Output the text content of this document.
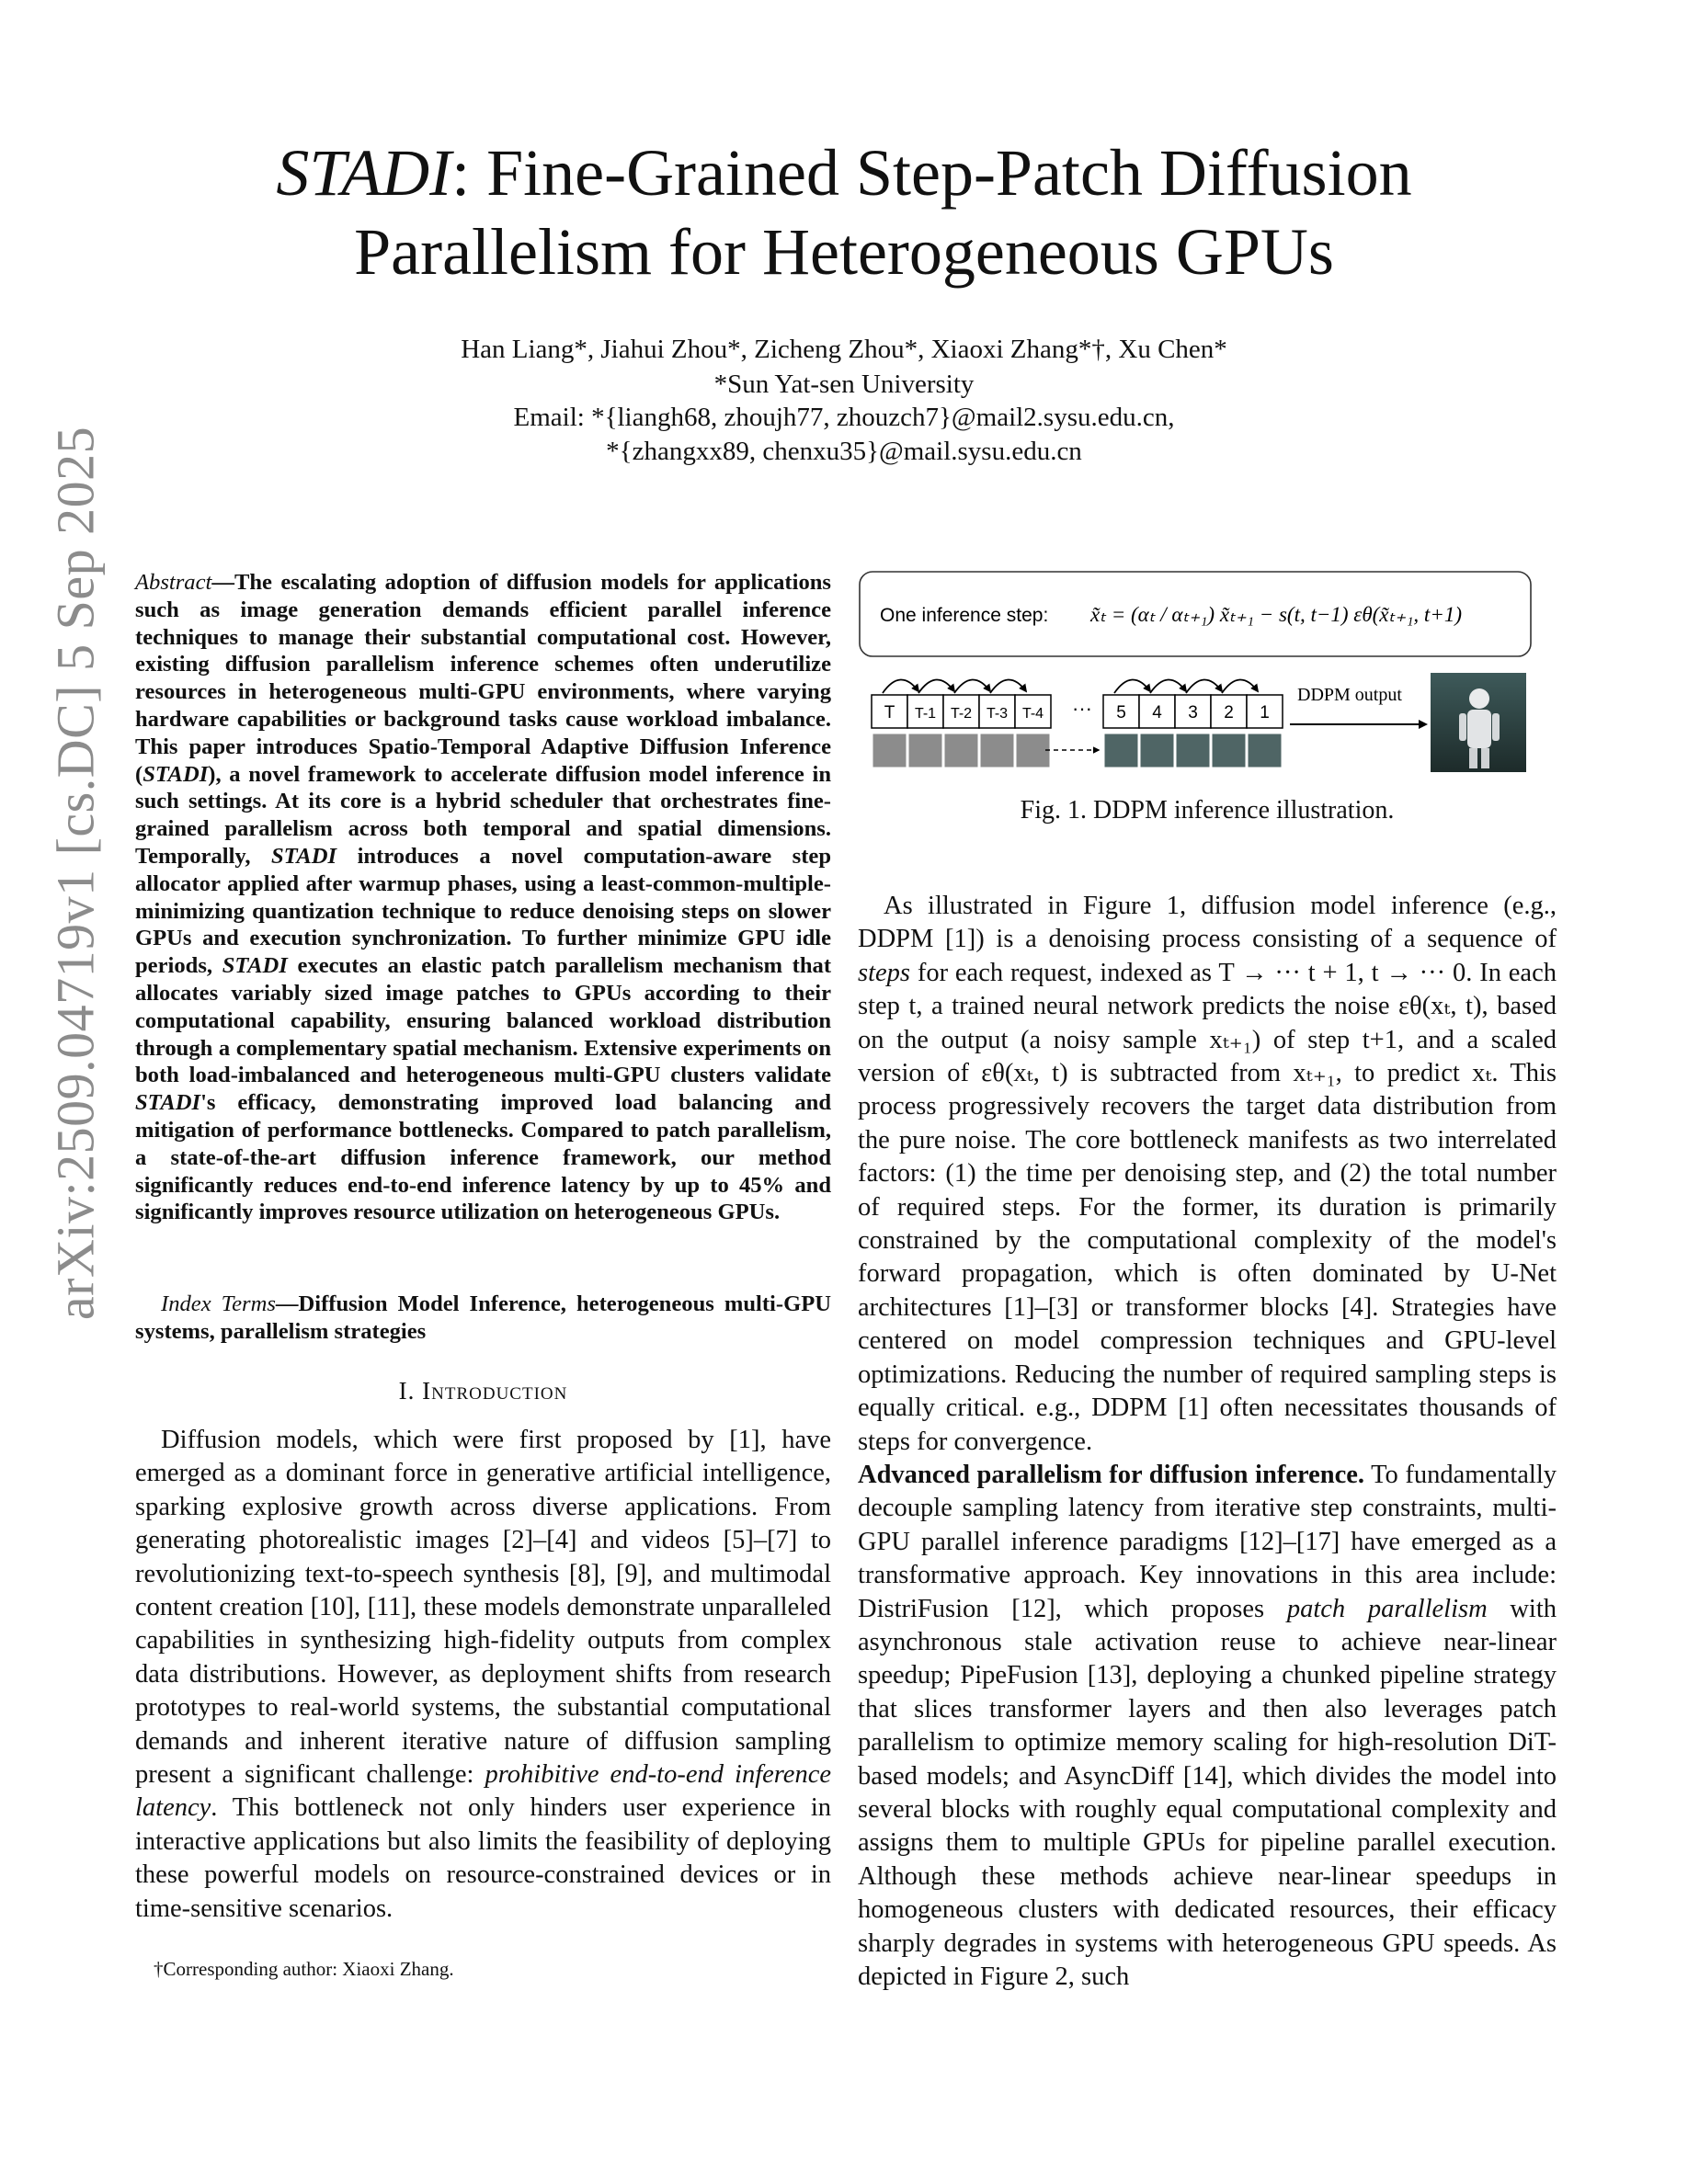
arXiv:2509.04719v1 [cs.DC] 5 Sep 2025
STADI: Fine-Grained Step-Patch Diffusion
Parallelism for Heterogeneous GPUs
Han Liang*, Jiahui Zhou*, Zicheng Zhou*, Xiaoxi Zhang*†, Xu Chen*
*Sun Yat-sen University
Email: *{liangh68, zhoujh77, zhouzch7}@mail2.sysu.edu.cn,
*{zhangxx89, chenxu35}@mail.sysu.edu.cn
Abstract—The escalating adoption of diffusion models for applications such as image generation demands efficient parallel inference techniques to manage their substantial computational cost. However, existing diffusion parallelism inference schemes often underutilize resources in heterogeneous multi-GPU environments, where varying hardware capabilities or background tasks cause workload imbalance. This paper introduces Spatio-Temporal Adaptive Diffusion Inference (STADI), a novel framework to accelerate diffusion model inference in such settings. At its core is a hybrid scheduler that orchestrates fine-grained parallelism across both temporal and spatial dimensions. Temporally, STADI introduces a novel computation-aware step allocator applied after warmup phases, using a least-common-multiple-minimizing quantization technique to reduce denoising steps on slower GPUs and execution synchronization. To further minimize GPU idle periods, STADI executes an elastic patch parallelism mechanism that allocates variably sized image patches to GPUs according to their computational capability, ensuring balanced workload distribution through a complementary spatial mechanism. Extensive experiments on both load-imbalanced and heterogeneous multi-GPU clusters validate STADI's efficacy, demonstrating improved load balancing and mitigation of performance bottlenecks. Compared to patch parallelism, a state-of-the-art diffusion inference framework, our method significantly reduces end-to-end inference latency by up to 45% and significantly improves resource utilization on heterogeneous GPUs.
Index Terms—Diffusion Model Inference, heterogeneous multi-GPU systems, parallelism strategies
I. Introduction
Diffusion models, which were first proposed by [1], have emerged as a dominant force in generative artificial intelligence, sparking explosive growth across diverse applications. From generating photorealistic images [2]–[4] and videos [5]–[7] to revolutionizing text-to-speech synthesis [8], [9], and multimodal content creation [10], [11], these models demonstrate unparalleled capabilities in synthesizing high-fidelity outputs from complex data distributions. However, as deployment shifts from research prototypes to real-world systems, the substantial computational demands and inherent iterative nature of diffusion sampling present a significant challenge: prohibitive end-to-end inference latency. This bottleneck not only hinders user experience in interactive applications but also limits the feasibility of deploying these powerful models on resource-constrained devices or in time-sensitive scenarios.
†Corresponding author: Xiaoxi Zhang.
One inference step: x̃ₜ = (αₜ / αₜ₊₁) x̃ₜ₊₁ − s(t, t−1) εθ(x̃ₜ₊₁, t+1)
T T-1 T-2 T-3 T-4 ··· 5 4 3 2 1
DDPM output
Fig. 1. DDPM inference illustration.

As illustrated in Figure 1, diffusion model inference (e.g., DDPM [1]) is a denoising process consisting of a sequence of steps for each request, indexed as T → ··· t + 1, t → ··· 0. In each step t, a trained neural network predicts the noise εθ(xₜ, t), based on the output (a noisy sample xₜ₊₁) of step t+1, and a scaled version of εθ(xₜ, t) is subtracted from xₜ₊₁, to predict xₜ. This process progressively recovers the target data distribution from the pure noise. The core bottleneck manifests as two interrelated factors: (1) the time per denoising step, and (2) the total number of required steps. For the former, its duration is primarily constrained by the computational complexity of the model's forward propagation, which is often dominated by U-Net architectures [1]–[3] or transformer blocks [4]. Strategies have centered on model compression techniques and GPU-level optimizations. Reducing the number of required sampling steps is equally critical. e.g., DDPM [1] often necessitates thousands of steps for convergence.

Advanced parallelism for diffusion inference. To fundamentally decouple sampling latency from iterative step constraints, multi-GPU parallel inference paradigms [12]–[17] have emerged as a transformative approach. Key innovations in this area include: DistriFusion [12], which proposes patch parallelism with asynchronous stale activation reuse to achieve near-linear speedup; PipeFusion [13], deploying a chunked pipeline strategy that slices transformer layers and then also leverages patch parallelism to optimize memory scaling for high-resolution DiT-based models; and AsyncDiff [14], which divides the model into several blocks with roughly equal computational complexity and assigns them to multiple GPUs for pipeline parallel execution. Although these methods achieve near-linear speedups in homogeneous clusters with dedicated resources, their efficacy sharply degrades in systems with heterogeneous GPU speeds. As depicted in Figure 2, such
